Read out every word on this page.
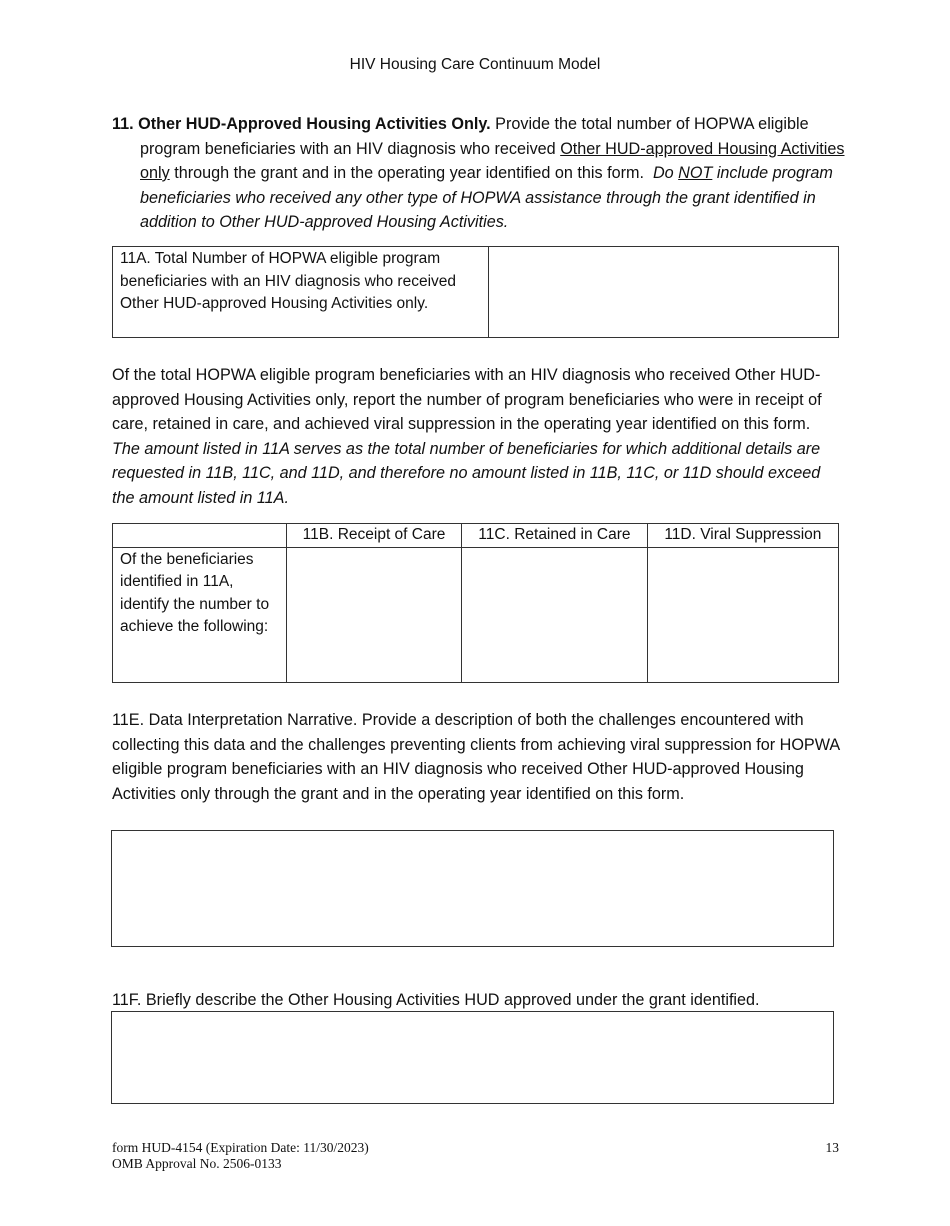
HIV Housing Care Continuum Model
11. Other HUD-Approved Housing Activities Only. Provide the total number of HOPWA eligible program beneficiaries with an HIV diagnosis who received Other HUD-approved Housing Activities only through the grant and in the operating year identified on this form. Do NOT include program beneficiaries who received any other type of HOPWA assistance through the grant identified in addition to Other HUD-approved Housing Activities.
11A. Total Number of HOPWA eligible program beneficiaries with an HIV diagnosis who received Other HUD-approved Housing Activities only.	
Of the total HOPWA eligible program beneficiaries with an HIV diagnosis who received Other HUD-approved Housing Activities only, report the number of program beneficiaries who were in receipt of care, retained in care, and achieved viral suppression in the operating year identified on this form. The amount listed in 11A serves as the total number of beneficiaries for which additional details are requested in 11B, 11C, and 11D, and therefore no amount listed in 11B, 11C, or 11D should exceed the amount listed in 11A.
	11B. Receipt of Care	11C. Retained in Care	11D. Viral Suppression
Of the beneficiaries identified in 11A, identify the number to achieve the following:			
11E. Data Interpretation Narrative. Provide a description of both the challenges encountered with collecting this data and the challenges preventing clients from achieving viral suppression for HOPWA eligible program beneficiaries with an HIV diagnosis who received Other HUD-approved Housing Activities only through the grant and in the operating year identified on this form.
11F. Briefly describe the Other Housing Activities HUD approved under the grant identified.
form HUD-4154 (Expiration Date: 11/30/2023)
OMB Approval No. 2506-0133
13
